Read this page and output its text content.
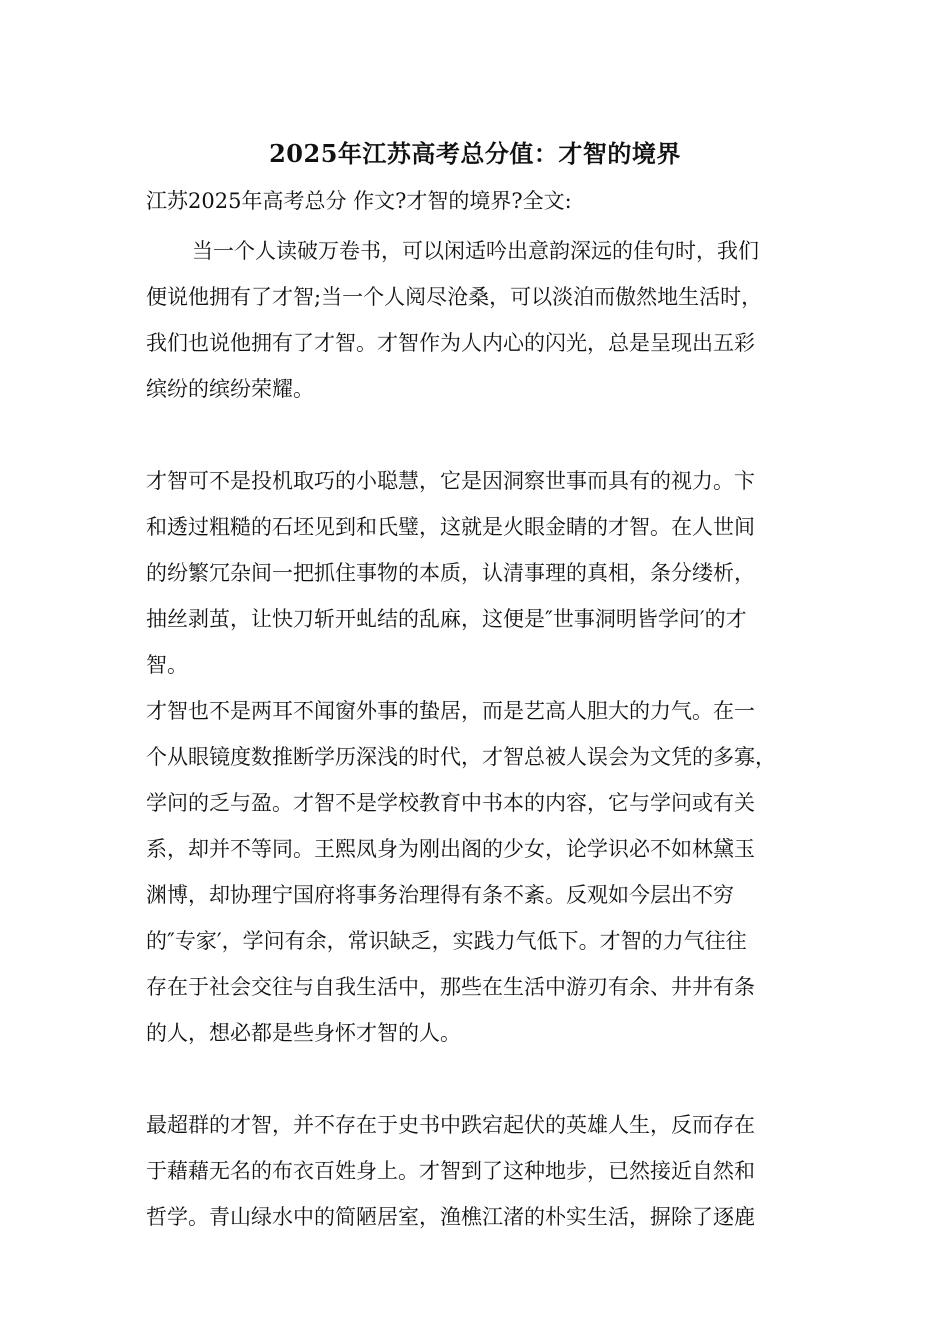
2025年江苏高考总分值：才智的境界
江苏2025年高考总分 作文?才智的境界?全文:
当一个人读破万卷书，可以闲适吟出意韵深远的佳句时，我们
便说他拥有了才智;当一个人阅尽沧桑，可以淡泊而傲然地生活时，
我们也说他拥有了才智。才智作为人内心的闪光，总是呈现出五彩
缤纷的缤纷荣耀。
才智可不是投机取巧的小聪慧，它是因洞察世事而具有的视力。卞
和透过粗糙的石坯见到和氏璧，这就是火眼金睛的才智。在人世间
的纷繁冗杂间一把抓住事物的本质，认清事理的真相，条分缕析，
抽丝剥茧，让快刀斩开虬结的乱麻，这便是″世事洞明皆学问′的才
智。
才智也不是两耳不闻窗外事的蛰居，而是艺高人胆大的力气。在一
个从眼镜度数推断学历深浅的时代，才智总被人误会为文凭的多寡，
学问的乏与盈。才智不是学校教育中书本的内容，它与学问或有关
系，却并不等同。王熙凤身为刚出阁的少女，论学识必不如林黛玉
渊博，却协理宁国府将事务治理得有条不紊。反观如今层出不穷
的″专家′，学问有余，常识缺乏，实践力气低下。才智的力气往往
存在于社会交往与自我生活中，那些在生活中游刃有余、井井有条
的人，想必都是些身怀才智的人。
最超群的才智，并不存在于史书中跌宕起伏的英雄人生，反而存在
于藉藉无名的布衣百姓身上。才智到了这种地步，已然接近自然和
哲学。青山绿水中的简陋居室，渔樵江渚的朴实生活，摒除了逐鹿
